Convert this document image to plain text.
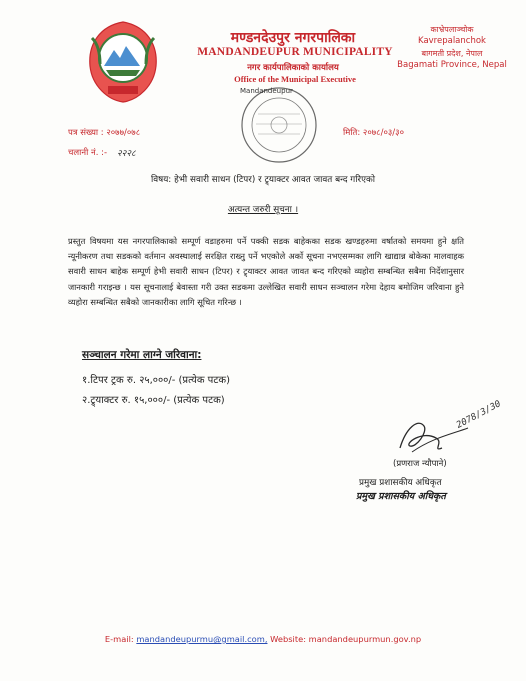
मण्डनदेउपुर नगरपालिका
MANDANDEUPUR MUNICIPALITY
नगर कार्यपालिकाको कार्यालय
Office of the Municipal Executive
काभ्रेपलाञ्चोक
Kavrepalanchok
बागमती प्रदेश, नेपाल
Bagamati Province, Nepal
Mandandeupur
पत्र संख्या : २०७७/०७८
चलानी नं. :- २२२८
मिति: २०७८/०३/३०
विषय: हेभी सवारी साधन (टिपर) र ट्र्याक्टर आवत जावत बन्द गरिएको
अत्यन्त जरुरी सूचना ।
प्रस्तुत विषयमा यस नगरपालिकाको सम्पूर्ण वडाहरुमा पर्ने पक्की सडक बाहेकका सडक खण्डहरुमा वर्षातको समयमा हुने क्षति न्यूनीकरण तथा सडकको वर्तमान अवस्थालाई सरक्षित राख्नु पर्ने भएकोले अर्को सूचना नभएसम्मका लागि खाद्यान्न बोकेका मालवाहक सवारी साधन बाहेक सम्पूर्ण हेभी सवारी साधन (टिपर) र ट्र्याक्टर आवत जावत बन्द गरिएको व्यहोरा सम्बन्धित सबैमा निर्देशानुसार जानकारी गराइन्छ । यस सूचनालाई बेवास्ता गरी उक्त सडकमा उल्लेखित सवारी साधन सञ्चालन गरेमा देहाय बमोजिम जरिवाना हुने व्यहोरा सम्बन्धित सबैको जानकारीका लागि सूचित गरिन्छ ।
सञ्चालन गरेमा लाग्ने जरिवाना:
१.टिपर ट्रक रु. २५,०००/- (प्रत्येक पटक)
२.ट्र्याक्टर रु. १५,०००/- (प्रत्येक पटक)	2078/3/30
(प्रणराज न्यौपाने)
प्रमुख प्रशासकीय अधिकृत
प्रमुख प्रशासकीय अधिकृत
E-mail: mandandeupurmu@gmail.com, Website: mandandeupurmun.gov.np
